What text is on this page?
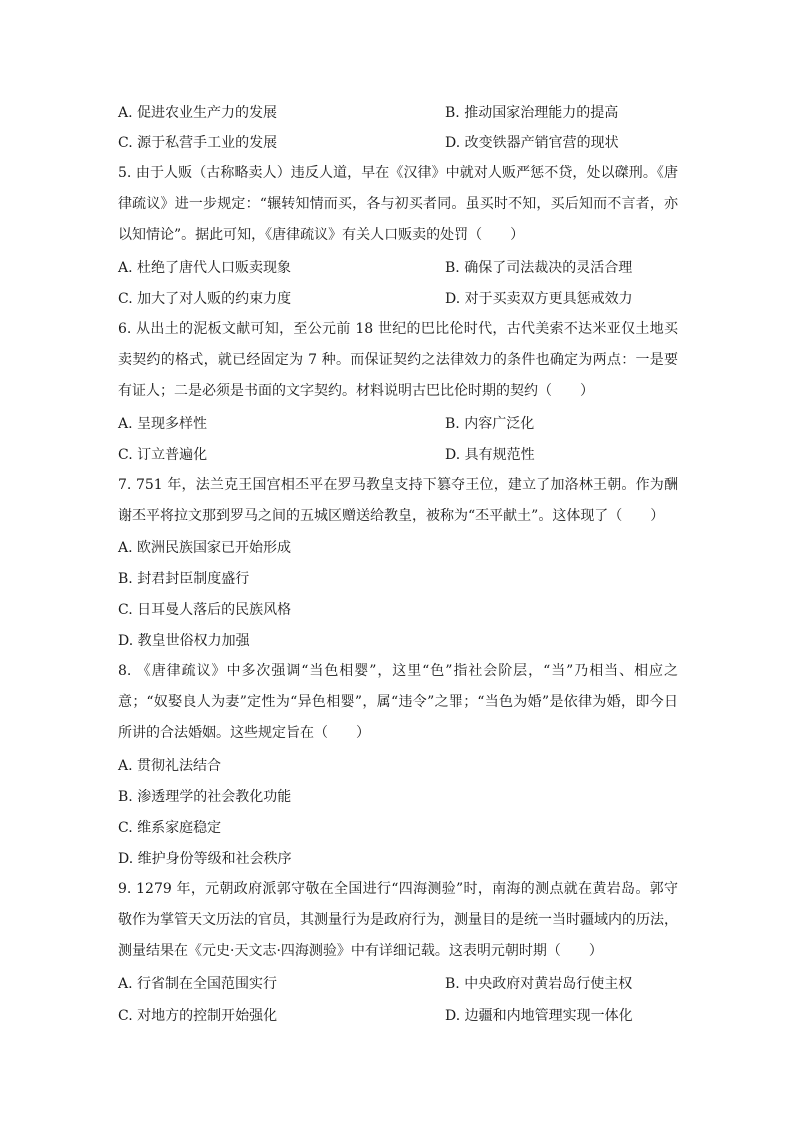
A. 促进农业生产力的发展	B. 推动国家治理能力的提高
C. 源于私营手工业的发展	D. 改变铁器产销官营的现状
5. 由于人贩（古称略卖人）违反人道，早在《汉律》中就对人贩严惩不贷，处以磔刑。《唐律疏议》进一步规定：“辗转知情而买，各与初买者同。虽买时不知，买后知而不言者，亦以知情论”。据此可知，《唐律疏议》有关人口贩卖的处罚（　　）
A. 杜绝了唐代人口贩卖现象	B. 确保了司法裁决的灵活合理
C. 加大了对人贩的约束力度	D. 对于买卖双方更具惩戒效力
6. 从出土的泥板文献可知，至公元前 18 世纪的巴比伦时代，古代美索不达米亚仅土地买卖契约的格式，就已经固定为 7 种。而保证契约之法律效力的条件也确定为两点：一是要有证人；二是必须是书面的文字契约。材料说明古巴比伦时期的契约（　　）
A. 呈现多样性	B. 内容广泛化
C. 订立普遍化	D. 具有规范性
7. 751 年，法兰克王国宫相丕平在罗马教皇支持下篡夺王位，建立了加洛林王朝。作为酬谢丕平将拉文那到罗马之间的五城区赠送给教皇，被称为“丕平献土”。这体现了（　　）
A. 欧洲民族国家已开始形成
B. 封君封臣制度盛行
C. 日耳曼人落后的民族风格
D. 教皇世俗权力加强
8. 《唐律疏议》中多次强调“当色相婴”，这里“色”指社会阶层，“当”乃相当、相应之意；“奴娶良人为妻”定性为“异色相婴”，属“违令”之罪；“当色为婚”是依律为婚，即今日所讲的合法婚姻。这些规定旨在（　　）
A. 贯彻礼法结合
B. 渗透理学的社会教化功能
C. 维系家庭稳定
D. 维护身份等级和社会秩序
9. 1279 年，元朝政府派郭守敬在全国进行“四海测验”时，南海的测点就在黄岩岛。郭守敬作为掌管天文历法的官员，其测量行为是政府行为，测量目的是统一当时疆域内的历法，测量结果在《元史·天文志·四海测验》中有详细记载。这表明元朝时期（　　）
A. 行省制在全国范围实行	B. 中央政府对黄岩岛行使主权
C. 对地方的控制开始强化	D. 边疆和内地管理实现一体化
